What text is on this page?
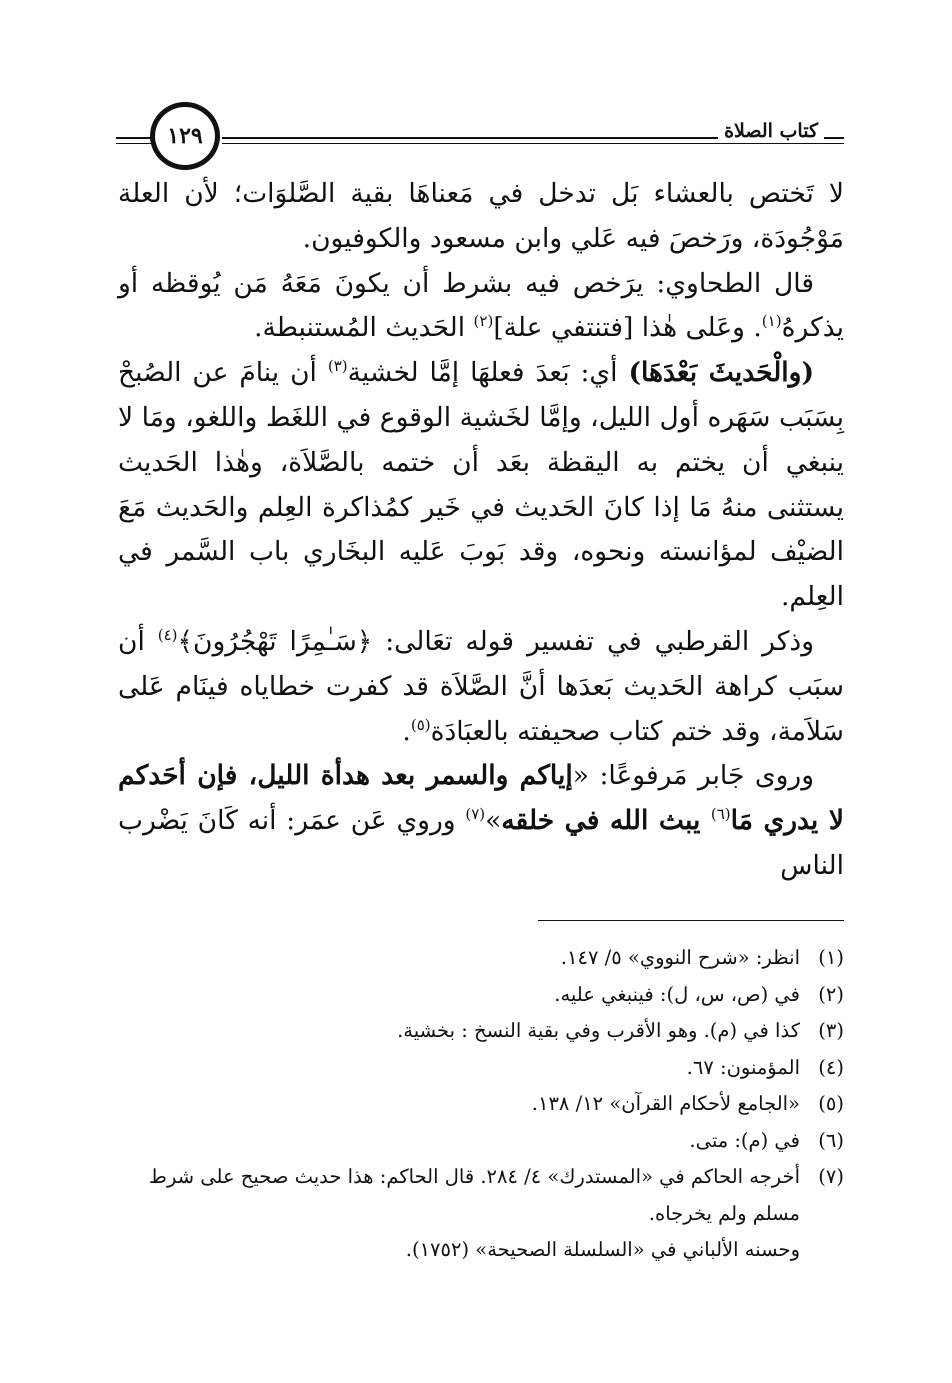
١٢٩	كتاب الصلاة

لا تَختص بالعشاء بَل تدخل في مَعناهَا بقية الصَّلوَات؛ لأن العلة مَوْجُودَة، ورَخصَ فيه عَلي وابن مسعود والكوفيون.

قال الطحاوي: يرَخص فيه بشرط أن يكونَ مَعَهُ مَن يُوقظه أو يذكرهُ$^{(١)}$. وعَلى هٰذا [فتنتفي علة]$^{(٢)}$ الحَديث المُستنبطة.

(والْحَديثَ بَعْدَهَا) أي: بَعدَ فعلهَا إمَّا لخشية$^{(٣)}$ أن ينامَ عن الصُبحْ بِسَبَب سَهَره أول الليل، وإمَّا لخَشية الوقوع في اللغَط واللغو، ومَا لا ينبغي أن يختم به اليقظة بعَد أن ختمه بالصَّلاَة، وهٰذا الحَديث يستثنى منهُ مَا إذا كانَ الحَديث في خَير كمُذاكرة العِلم والحَديث مَعَ الضيْف لمؤانسته ونحوه، وقد بَوبَ عَليه البخَاري باب السَّمر في العِلم.

وذكر القرطبي في تفسير قوله تعَالى: ﴿سَـٰمِرًا تَهْجُرُونَ﴾$^{(٤)}$ أن سبَب كراهة الحَديث بَعدَها أنَّ الصَّلاَة قد كفرت خطاياه فينَام عَلى سَلاَمة، وقد ختم كتاب صحيفته بالعبَادَة$^{(٥)}$.

وروى جَابر مَرفوعًا: «إياكم والسمر بعد هدأة الليل، فإن أحَدكم لا يدري مَا$^{(٦)}$ يبث الله في خلقه»$^{(٧)}$ وروي عَن عمَر: أنه كَانَ يَضْرب الناس

(١)
انظر: «شرح النووي» ٥/ ١٤٧.
(٢)
في (ص، س، ل): فينبغي عليه.
(٣)
كذا في (م). وهو الأقرب وفي بقية النسخ : بخشية.
(٤)
المؤمنون: ٦٧.
(٥)
«الجامع لأحكام القرآن» ١٢/ ١٣٨.
(٦)
في (م): متى.
(٧)
أخرجه الحاكم في «المستدرك» ٤/ ٢٨٤. قال الحاكم: هذا حديث صحيح على شرط مسلم ولم يخرجاه.
وحسنه الألباني في «السلسلة الصحيحة» (١٧٥٢).
